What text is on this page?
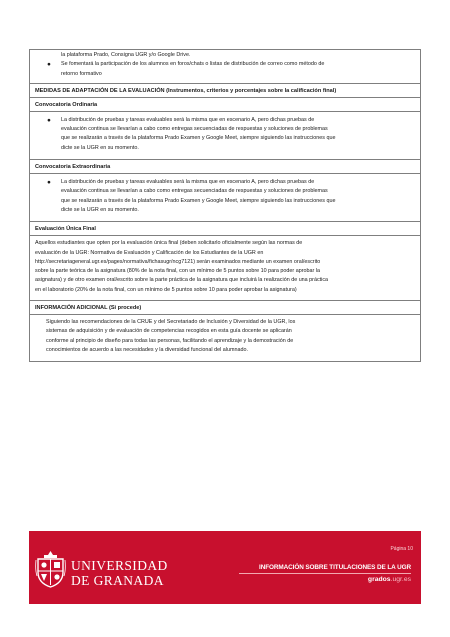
la plataforma Prado, Consigna UGR y/o Google Drive.
●	Se fomentará la participación de los alumnos en foros/chats o listas de distribución de correo como método de
retorno formativo
MEDIDAS DE ADAPTACIÓN DE LA EVALUACIÓN (Instrumentos, criterios y porcentajes sobre la calificación final)
Convocatoria Ordinaria
●	La distribución de pruebas y tareas evaluables será la misma que en escenario A, pero dichas pruebas de
evaluación continua se llevarían a cabo como entregas secuenciadas de respuestas y soluciones de problemas
que se realizarán a través de la plataforma Prado Examen y Google Meet, siempre siguiendo las instrucciones que
dicte se la UGR en su momento.
Convocatoria Extraordinaria
●	La distribución de pruebas y tareas evaluables será la misma que en escenario A, pero dichas pruebas de
evaluación continua se llevarían a cabo como entregas secuenciadas de respuestas y soluciones de problemas
que se realizarán a través de la plataforma Prado Examen y Google Meet, siempre siguiendo las instrucciones que
dicte se la UGR en su momento.
Evaluación Única Final
Aquellos estudiantes que opten por la evaluación única final (deben solicitarlo oficialmente según las normas de
evaluación de la UGR: Normativa de Evaluación y Calificación de los Estudiantes de la UGR en
http://secretariageneral.ugr.es/pages/normativa/fichasugr/ncg7121) serán examinados mediante un examen oral/escrito
sobre la parte teórica de la asignatura (80% de la nota final, con un mínimo de 5 puntos sobre 10 para poder aprobar la
asignatura) y de otro examen oral/escrito sobre la parte práctica de la asignatura que incluirá la realización de una práctica
en el laboratorio (20% de la nota final, con un mínimo de 5 puntos sobre 10 para poder aprobar la asignatura)
INFORMACIÓN ADICIONAL (Si procede)
Siguiendo las recomendaciones de la CRUE y del Secretariado de Inclusión y Diversidad de la UGR, los
sistemas de adquisición y de evaluación de competencias recogidos en esta guía docente se aplicarán
conforme al principio de diseño para todas las personas, facilitando el aprendizaje y la demostración de
conocimientos de acuerdo a las necesidades y la diversidad funcional del alumnado.
Página 10
UNIVERSIDAD
DE GRANADA
INFORMACIÓN SOBRE TITULACIONES DE LA UGR
grados.ugr.es
